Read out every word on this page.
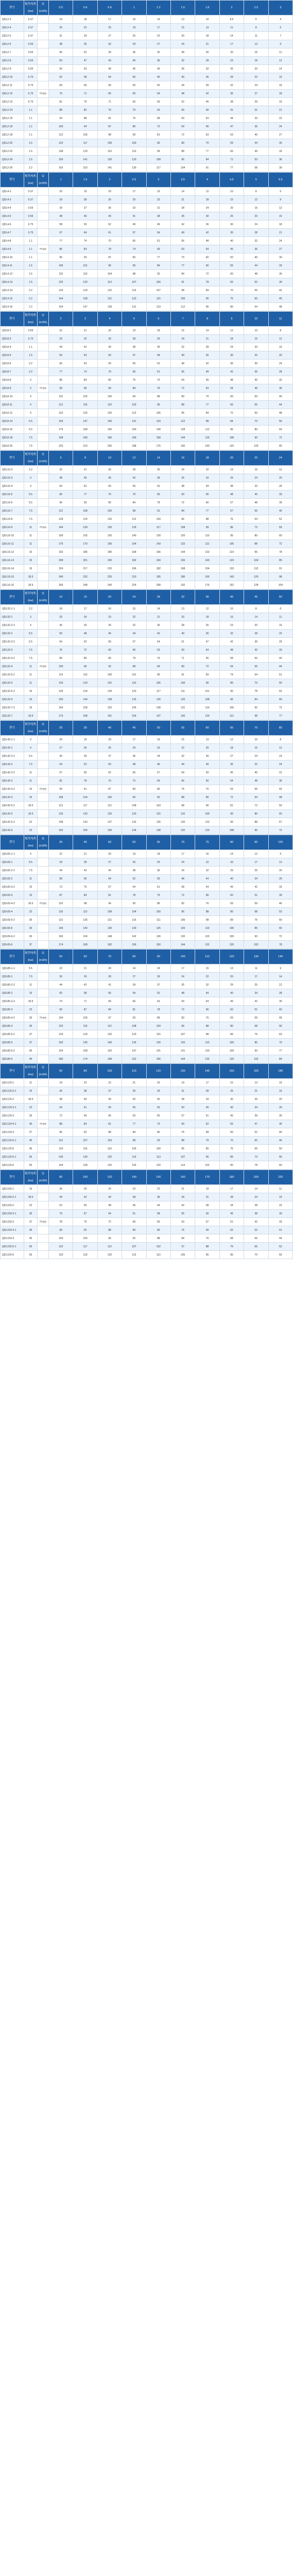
型号	配用电机
(kw)	Q
(m3/h)	0.5	0.6	0.8	1	1.2	1.5	1.8	2	2.5	3
QDL2-3	0.37		19	18	17	16	14	13	10	8.5	6	4
QDL2-4	0.37		25	22	20	19	17	15	13	11	8	5
QDL2-5	0.37		31	29	27	25	22	20	18	14	11	7
QDL2-6	0.55		38	35	32	29	27	24	21	17	13	9
QDL2-7	0.55		45	42	39	36	32	28	25	20	16	11
QDL2-8	0.55		50	47	43	40	36	32	28	23	18	12
QDL2-9	0.55		56	53	49	45	40	36	32	26	20	14
QDL2-10	0.75		62	58	54	50	45	40	35	29	22	15
QDL2-11	0.75		69	65	60	55	50	44	39	32	24	16
QDL2-12	0.75	H (m)	75	71	65	60	54	48	42	35	27	18
QDL2-13	0.75		81	76	71	65	59	52	46	38	29	19
QDL2-14	1.1		88	82	76	70	63	56	49	41	31	21
QDL2-15	1.1		94	88	81	75	68	60	53	44	33	22
QDL2-16	1.1		100	94	87	80	72	64	56	47	36	24
QDL2-18	1.1		113	106	98	90	81	72	63	53	40	27
QDL2-20	1.5		125	117	109	100	90	80	70	59	44	30
QDL2-22	1.5		138	129	119	110	99	88	77	65	49	33
QDL2-24	1.5		150	141	130	120	108	96	84	71	53	36
QDL2-26	2.2		163	153	141	130	117	104	91	77	58	39
型号	配用电机
(kw)	Q
(m3/h)	1	1.5	2	2.5	3	3.5	4	4.5	5	5.5
QDL4-2	0.37		20	19	18	17	16	14	12	10	8	6
QDL4-3	0.37		29	28	26	25	23	21	18	15	12	9
QDL4-4	0.55		39	37	35	33	31	28	24	20	16	12
QDL4-5	0.55		48	46	44	41	38	35	30	25	20	15
QDL4-6	0.75		58	55	52	49	46	42	36	30	24	18
QDL4-7	0.75		67	64	61	57	54	49	42	35	28	21
QDL4-8	1.1		77	74	70	66	61	56	48	40	32	24
QDL4-9	1.1	H (m)	86	83	78	74	69	63	54	45	36	27
QDL4-10	1.1		96	92	87	82	77	70	60	50	40	30
QDL4-11	1.5		106	101	96	90	84	77	66	55	44	33
QDL4-12	1.5		115	110	104	98	92	84	72	60	48	36
QDL4-13	1.5		125	120	113	107	100	91	78	65	52	39
QDL4-14	2.2		134	129	122	115	107	98	84	70	56	42
QDL4-15	2.2		144	138	131	123	115	105	90	75	60	45
QDL4-16	2.2		154	147	139	131	123	112	96	80	64	48
型号	配用电机
(kw)	Q
(m3/h)	2	3	4	5	6	7	8	9	10	11
QDL8-2	0.55		22	21	20	19	18	16	14	12	10	8
QDL8-3	0.75		33	32	30	28	26	24	21	18	15	12
QDL8-4	1.1		44	42	40	38	35	32	28	24	20	16
QDL8-5	1.5		55	53	50	47	44	40	35	30	25	20
QDL8-6	2.2		66	63	60	56	53	48	42	36	30	24
QDL8-7	2.2		77	74	70	66	61	56	49	42	35	28
QDL8-8	3		88	84	80	75	70	64	56	48	40	32
QDL8-9	3	H (m)	99	95	90	84	79	72	63	54	45	36
QDL8-10	4		110	105	100	94	88	80	70	60	50	40
QDL8-11	4		121	116	110	103	96	88	77	66	55	44
QDL8-12	4		132	126	120	113	105	96	84	72	60	48
QDL8-14	5.5		154	147	140	131	123	112	98	84	70	56
QDL8-16	5.5		176	168	160	150	140	128	112	96	80	64
QDL8-18	7.5		198	189	180	169	158	144	126	108	90	72
QDL8-20	7.5		220	210	200	188	175	160	140	120	100	80
型号	配用电机
(kw)	Q
(m3/h)	5	8	10	12	14	16	18	20	22	24
QDL16-2	2.2		32	31	30	28	26	24	22	19	16	13
QDL16-3	3		48	46	45	42	39	36	33	29	24	20
QDL16-4	4		64	62	60	56	52	48	44	38	32	26
QDL16-5	5.5		80	77	75	70	65	60	55	48	40	33
QDL16-6	5.5		96	93	90	84	78	72	66	57	48	39
QDL16-7	7.5		112	108	105	98	91	84	77	67	56	46
QDL16-8	7.5		128	124	120	112	104	96	88	76	64	52
QDL16-9	11	H (m)	144	139	135	126	117	108	99	86	72	59
QDL16-10	11		160	155	150	140	130	120	110	95	80	65
QDL16-11	11		176	170	165	154	143	132	121	105	88	72
QDL16-12	15		192	186	180	168	156	144	132	114	96	78
QDL16-13	15		208	201	195	182	169	156	143	124	104	85
QDL16-14	15		224	217	210	196	182	168	154	133	112	91
QDL16-15	18.5		240	232	225	210	195	180	165	143	120	98
QDL16-16	18.5		256	248	240	224	208	192	176	152	128	104
型号	配用电机
(kw)	Q
(m3/h)	10	15	20	24	28	32	36	40	45	50
QDL32-1-1	2.2		18	17	16	15	14	13	12	10	8	6
QDL32-1	3		25	24	23	22	21	20	18	16	14	11
QDL32-2-2	4		36	35	34	32	30	28	26	23	20	16
QDL32-2	5.5		50	48	46	44	42	40	36	32	28	22
QDL32-3-2	5.5		64	62	60	57	54	51	47	42	36	29
QDL32-3	7.5		75	72	69	66	63	60	54	48	42	33
QDL32-4-2	7.5		89	86	83	79	75	71	65	58	50	40
QDL32-4	11	H (m)	100	96	92	88	84	80	72	64	56	44
QDL32-5-2	11		114	110	106	101	96	91	83	74	64	51
QDL32-5	11		125	120	115	110	105	100	90	80	70	55
QDL32-6-2	15		139	134	129	123	117	111	101	90	78	62
QDL32-6	15		150	144	138	132	126	120	108	96	84	66
QDL32-7-2	15		164	158	152	145	138	131	119	106	92	73
QDL32-7	18.5		175	168	161	154	147	140	126	112	98	77
型号	配用电机
(kw)	Q
(m3/h)	20	30	40	45	50	55	60	65	70	80
QDL42-1-1	3		20	19	18	17	16	15	13	12	10	8
QDL42-1	4		27	26	25	24	23	22	20	18	16	12
QDL42-2-2	5.5		40	39	37	36	34	32	30	27	24	19
QDL42-2	7.5		54	52	50	48	46	44	40	36	32	24
QDL42-3-2	11		67	65	62	60	57	54	50	45	40	31
QDL42-3	11		81	78	75	72	69	66	60	54	48	36
QDL42-4-2	15	H (m)	94	91	87	84	80	76	70	63	56	43
QDL42-4	15		108	104	100	96	92	88	80	72	64	48
QDL42-5-2	18.5		121	117	112	108	103	98	90	81	72	55
QDL42-5	18.5		135	130	125	120	115	110	100	90	80	60
QDL42-6-2	22		148	143	137	132	126	120	110	99	88	67
QDL42-6	22		162	156	150	144	138	132	120	108	96	72
型号	配用电机
(kw)	Q
(m3/h)	30	40	50	60	65	70	75	80	90	100
QDL65-1-1	4		22	21	20	19	18	17	16	14	12	9
QDL65-1	5.5		29	28	27	26	25	24	22	20	17	13
QDL65-2-2	7.5		44	42	40	38	36	34	32	29	25	20
QDL65-2	11		58	56	54	52	50	48	44	40	34	26
QDL65-3-2	15		73	70	67	64	61	58	54	49	42	33
QDL65-3	15		87	84	81	78	75	72	66	60	51	39
QDL65-4-2	18.5	H (m)	102	98	94	90	86	82	76	69	59	46
QDL65-4	22		116	112	108	104	100	96	88	80	68	52
QDL65-5-2	30		131	126	121	116	111	106	98	89	76	59
QDL65-5	30		145	140	135	130	125	120	110	100	85	65
QDL65-6-2	30		160	154	148	142	136	130	120	109	93	72
QDL65-6	37		174	168	162	156	150	144	132	120	102	78
型号	配用电机
(kw)	Q
(m3/h)	50	60	70	80	90	100	110	120	130	140
QDL85-1-1	5.5		22	21	20	19	18	17	15	13	11	9
QDL85-1	7.5		30	29	28	27	26	24	22	20	17	14
QDL85-2-2	11		44	42	41	39	37	35	32	29	25	21
QDL85-2	15		60	58	56	54	52	48	44	40	34	28
QDL85-3-2	18.5		74	71	69	66	63	59	54	49	42	35
QDL85-3	22		90	87	84	81	78	72	66	60	51	42
QDL85-4-2	30	H (m)	104	100	97	93	89	83	76	69	59	49
QDL85-4	30		120	116	112	108	104	96	88	80	68	56
QDL85-5-2	37		134	129	125	120	115	107	98	89	76	63
QDL85-5	37		150	145	140	135	130	120	110	100	85	70
QDL85-6-2	45		164	158	153	147	141	131	120	109	93	77
QDL85-6	45		180	174	168	162	156	144	132	120	102	84
型号	配用电机
(kw)	Q
(m3/h)	60	80	100	110	120	130	140	150	160	180
QDL120-1	11		24	23	22	21	20	19	17	15	13	10
QDL120-2-1	15		40	38	37	35	33	31	28	25	21	16
QDL120-2	18.5		48	46	44	42	40	38	34	30	26	20
QDL120-3-1	22		64	61	59	56	53	50	45	40	34	26
QDL120-3	30		72	69	66	63	60	57	51	45	39	30
QDL120-4-1	30	H (m)	88	84	81	77	73	69	62	55	47	36
QDL120-4	37		96	92	88	84	80	76	68	60	52	40
QDL120-5-1	45		112	107	103	98	93	88	79	70	60	46
QDL120-5	45		120	115	110	105	100	95	85	75	65	50
QDL120-6-1	55		136	130	125	119	113	107	96	85	73	56
QDL120-6	55		144	138	132	126	120	114	102	90	78	60
型号	配用电机
(kw)	Q
(m3/h)	80	100	120	140	150	160	170	180	200	220
QDL150-1	15		26	25	24	23	22	21	19	17	14	11
QDL150-2-1	18.5		44	42	40	38	36	34	31	28	24	19
QDL150-2	22		52	50	48	46	44	42	38	34	28	22
QDL150-3-1	30		70	67	64	61	58	55	50	45	38	30
QDL150-3	37	H (m)	78	75	72	69	66	63	57	51	42	33
QDL150-4-1	45		96	92	88	84	80	76	69	62	52	41
QDL150-4	45		104	100	96	92	88	84	76	68	56	44
QDL150-5-1	55		122	117	112	107	102	97	88	79	66	52
QDL150-5	55		130	125	120	115	110	105	95	85	70	55
